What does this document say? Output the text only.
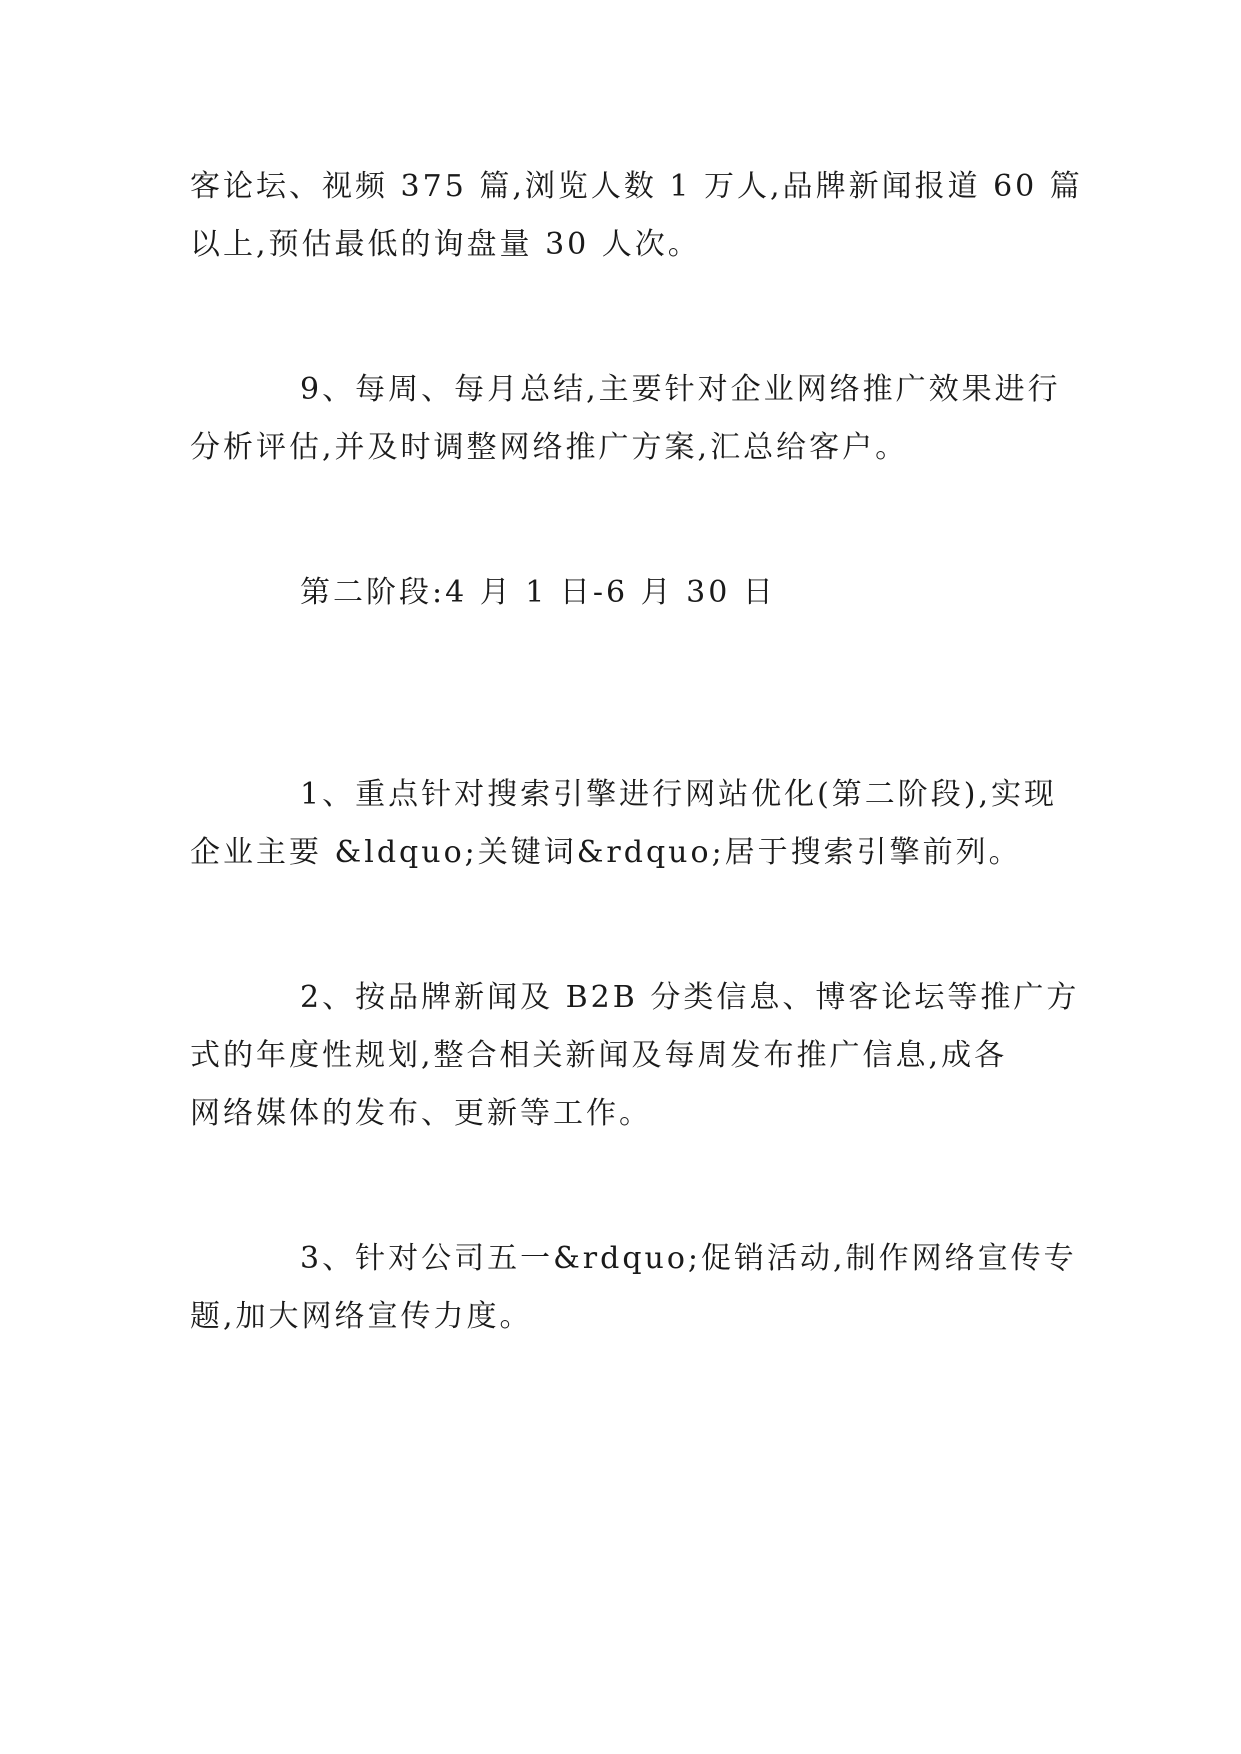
客论坛、视频 375 篇,浏览人数 1 万人,品牌新闻报道 60 篇
以上,预估最低的询盘量 30 人次。

9、每周、每月总结,主要针对企业网络推广效果进行
分析评估,并及时调整网络推广方案,汇总给客户。

第二阶段:4 月 1 日-6 月 30 日

1、重点针对搜索引擎进行网站优化(第二阶段),实现
企业主要 &ldquo;关键词&rdquo;居于搜索引擎前列。

2、按品牌新闻及 B2B 分类信息、博客论坛等推广方
式的年度性规划,整合相关新闻及每周发布推广信息,成各
网络媒体的发布、更新等工作。

3、针对公司五一&rdquo;促销活动,制作网络宣传专
题,加大网络宣传力度。
